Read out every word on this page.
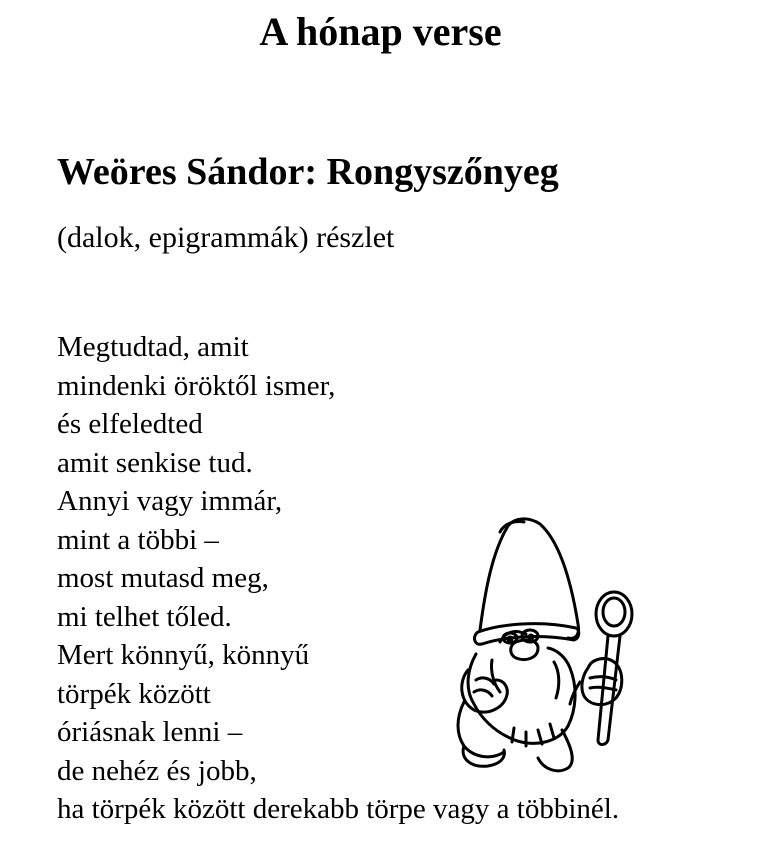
A hónap verse
Weöres Sándor: Rongyszőnyeg

(dalok, epigrammák) részlet

Megtudtad, amit
mindenki öröktől ismer,
és elfeledted
amit senkise tud.
Annyi vagy immár,
mint a többi –
most mutasd meg,
mi telhet tőled.
Mert könnyű, könnyű
törpék között
óriásnak lenni –
de nehéz és jobb,
ha törpék között derekabb törpe vagy a többinél.
